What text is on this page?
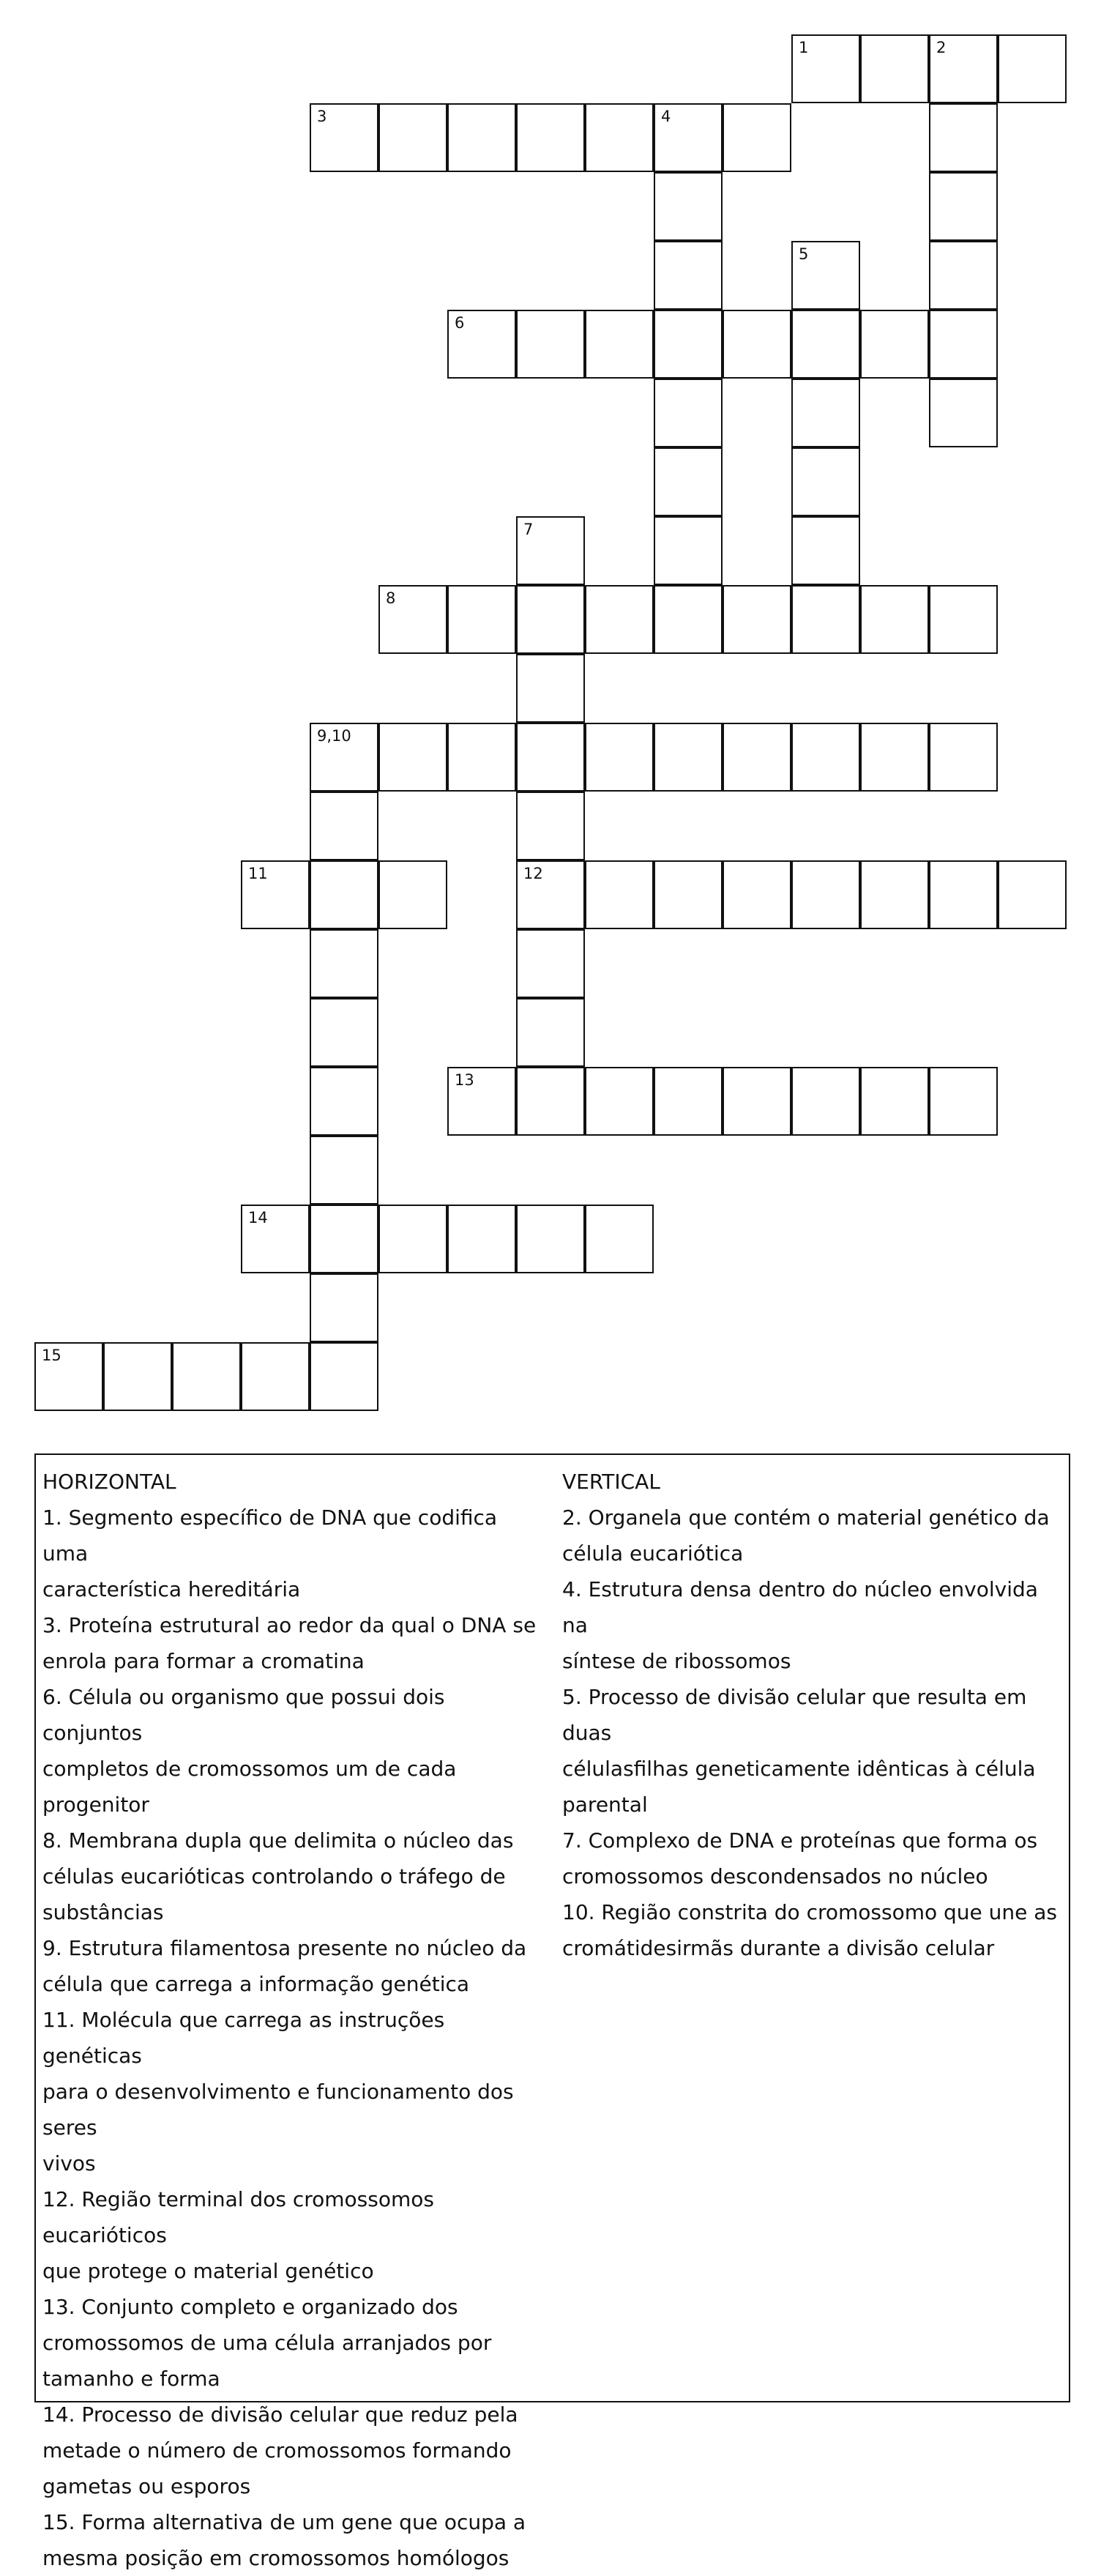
1	2
3	4
5
6
7
8
9,10
11	12
13
14
15
HORIZONTAL
1. Segmento específico de DNA que codifica uma
característica hereditária
3. Proteína estrutural ao redor da qual o DNA se
enrola para formar a cromatina
6. Célula ou organismo que possui dois conjuntos
completos de cromossomos um de cada progenitor
8. Membrana dupla que delimita o núcleo das
células eucarióticas controlando o tráfego de
substâncias
9. Estrutura filamentosa presente no núcleo da
célula que carrega a informação genética
11. Molécula que carrega as instruções genéticas
para o desenvolvimento e funcionamento dos seres
vivos
12. Região terminal dos cromossomos eucarióticos
que protege o material genético
13. Conjunto completo e organizado dos
cromossomos de uma célula arranjados por
tamanho e forma
14. Processo de divisão celular que reduz pela
metade o número de cromossomos formando
gametas ou esporos
15. Forma alternativa de um gene que ocupa a
mesma posição em cromossomos homólogos
VERTICAL
2. Organela que contém o material genético da
célula eucariótica
4. Estrutura densa dentro do núcleo envolvida na
síntese de ribossomos
5. Processo de divisão celular que resulta em duas
célulasfilhas geneticamente idênticas à célula
parental
7. Complexo de DNA e proteínas que forma os
cromossomos descondensados no núcleo
10. Região constrita do cromossomo que une as
cromátidesirmãs durante a divisão celular
